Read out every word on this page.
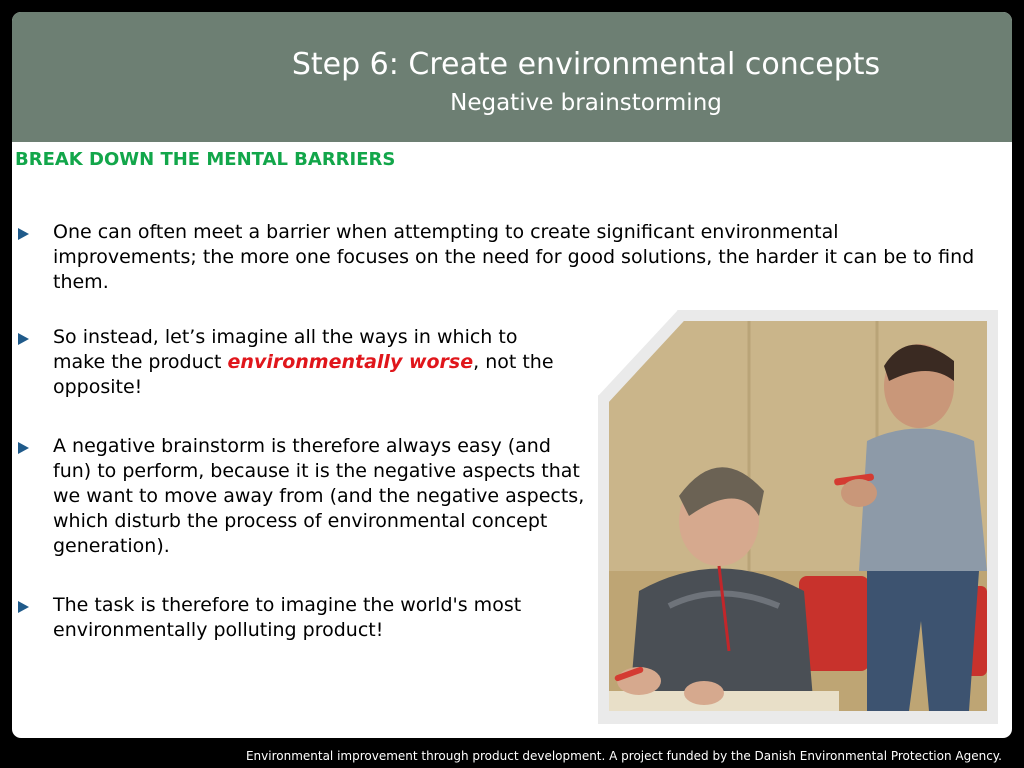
Step 6: Create environmental concepts
Negative brainstorming
BREAK DOWN THE MENTAL BARRIERS
One can often meet a barrier when attempting to create significant environmental improvements; the more one focuses on the need for good solutions, the harder it can be to find them.
So instead, let’s imagine all the ways in which to make the product environmentally worse, not the opposite!
A negative brainstorm is therefore always easy (and fun) to perform, because it is the negative aspects that we want to move away from (and the negative aspects, which disturb the process of environmental concept generation).
The task is therefore to imagine the world's most environmentally polluting product!
Environmental improvement through product development. A project funded by the Danish Environmental Protection Agency.
